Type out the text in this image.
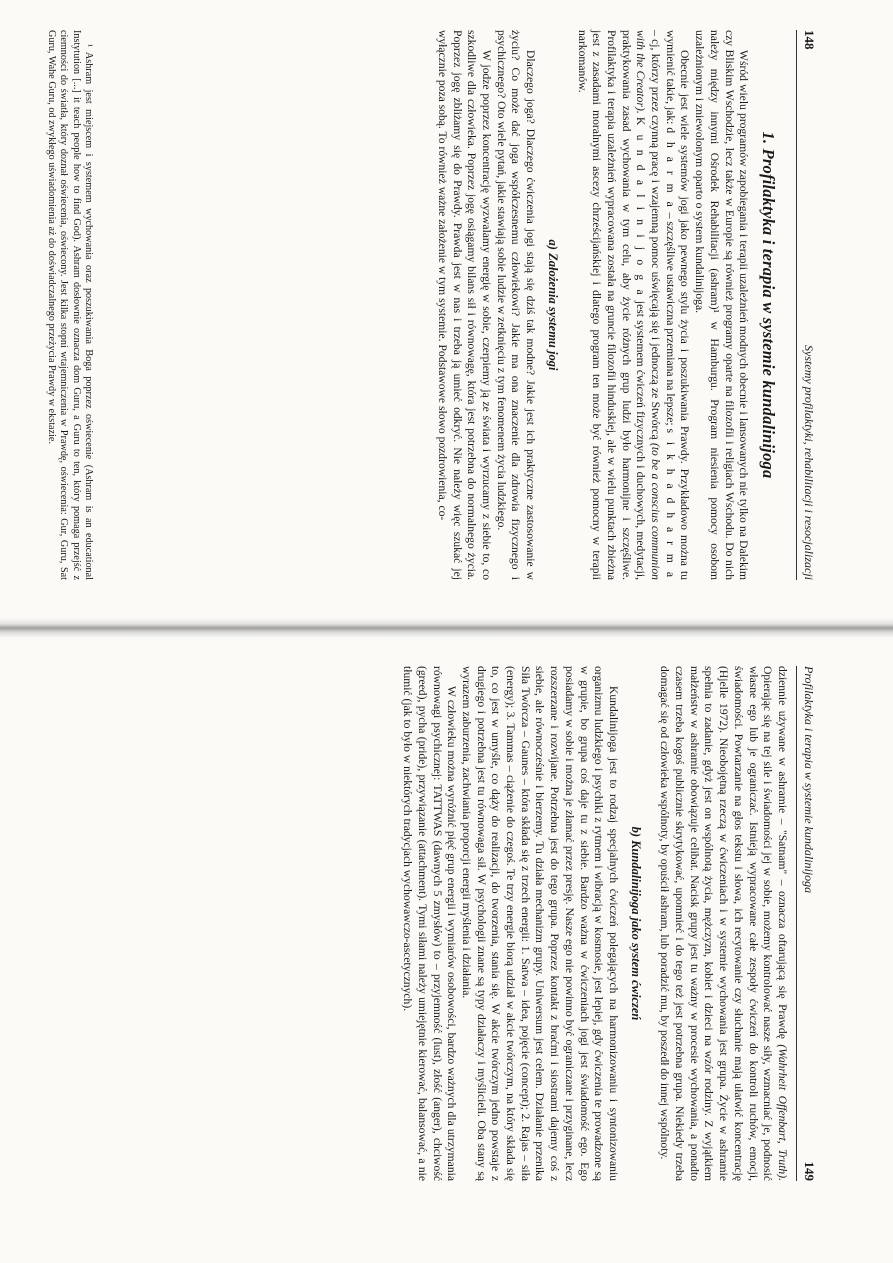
148
Systemy profilaktyki, rehabilitacji i resocjalizacji
1. Profilaktyka i terapia w systemie kundalinijoga

Wśród wielu programów zapobiegania i terapii uzależnień modnych obecnie i lansowanych nie tylko na Dalekim czy Bliskim Wschodzie, lecz także w Europie są również programy oparte na filozofii i religiach Wschodu. Do nich należy między innymi Ośrodek Rehabilitacji (ashram)¹ w Hamburgu. Program niesienia pomocy osobom uzależnionym i zniewolonym oparto o system kundalinijoga.

Obecnie jest wiele systemów jogi jako pewnego stylu życia i poszukiwania Prawdy. Przykładowo można tu wymienić takie, jak: d h a r m a – szczęśliwe ustawiczna przemiana na lepsze; s i k h a d h a r m a – cj, którzy przez czynną pracę i wzajemną pomoc uświęcają się i jednoczą ze Stwórcą (to be a conscius communion with the Creator). K u n d a l i n i j o g a jest systemem ćwiczeń fizycznych i duchowych, medytacji, praktykowania zasad wychowania w tym celu, aby życie różnych grup ludzi było harmonijne i szczęśliwe. Profilaktyka i terapia uzależnień wypracowana została na gruncie filozofii hinduskiej, ale w wielu punktach zbieżna jest z zasadami moralnymi ascezy chrześcijańskiej i dlatego program ten może być również pomocny w terapii narkomanów.

a) Założenia systemu jogi

Dlaczego joga? Dlaczego ćwiczenia jogi stają się dziś tak modne? Jakie jest ich praktyczne zastosowanie w życiu? Co może dać joga współczesnemu człowiekowi? Jakie ma ona znaczenie dla zdrowia fizycznego i psychicznego? Oto wiele pytań, jakie stawiają sobie ludzie w zetknięciu z tym fenomenem życia ludzkiego.

W jodze poprzez koncentrację wyzwalamy energię w sobie, czerpiemy ją ze świata i wyrzucamy z siebie to, co szkodliwe dla człowieka. Poprzez jogę osiągamy bilans sił i równowagę, która jest potrzebna do normalnego życia. Poprzez jogę zbliżamy się do Prawdy. Prawda jest w nas i trzeba ją umieć odkryć. Nie należy więc szukać jej wyłącznie poza sobą. To również ważne założenie w tym systemie. Podstawowe słowo pozdrowienia, co-

¹ Ashram jest miejscem i systemem wychowania oraz poszukiwania Boga poprzez oświecenie (Ashram is an educational Instytution [...] it teach people how to find God). Ashram dosłownie oznacza dom Guru, a Guru to ten, który pomaga przejść z ciemności do światła, który doznał oświecenia, oświecony. Jest kilka stopni wtajemniczenia w Prawdę, oświecenia: Gur, Guru, Sat Guru, Wahe Guru, od zwykłego uświadomienia aż do doświadczalnego przeżycia Prawdy w ekstazie.

Profilaktyka i terapia w systemie kundalinijoga
149

dziennie używane w ashramie – "Satnam" – oznacza oftarującą się Prawdę (Wahrheit Offenbart, Truth). Opierając się na tej sile i świadomości jej w sobie, możemy kontrolować nasze siły, wzmacniać je, podnosić własne ego lub je ograniczać. Istnieją wypracowane całe zespoły ćwiczeń do kontroli ruchów, emocji, świadomości. Powtarzanie na głos tekstu i słowa, ich recytowanie czy słuchanie mają ułatwić koncentrację (Hjelle 1972). Nieobojętną rzeczą w ćwiczeniach i w systemie wychowania jest grupa. Życie w ashramie spełnia to zadanie, gdyż jest on wspólnotą życia, mężczyzn, kobiet i dzieci na wzór rodziny. Z wyjątkiem małżeństw w ashramie obowiązuje celibat. Nacisk grupy jest tu ważny w procesie wychowania, a ponadto czasem trzeba kogoś publicznie skrytykować, upomnieć i do tego też jest potrzebna grupa. Niekiedy trzeba domagać się od człowieka wspólnoty, by opuścił ashram, lub poradzić mu, by poszedł do innej wspólnoty.

b) Kundalinijoga jako system ćwiczeń

Kundalinijoga jest to rodzaj specjalnych ćwiczeń polegających na harmonizowaniu i syntonizowaniu organizmu ludzkiego i psychiki z rytmem i wibracją w kosmosie, jest lepiej, gdy ćwiczenia te prowadzone są w grupie, bo grupa coś daje tu z siebie. Bardzo ważna w ćwiczeniach jogi jest świadomość ego. Ego posiadamy w sobie i można je złamać przez presję. Nasze ego nie powinno być ograniczane i przyginane, lecz rozszerzane i rozwijane. Potrzebna jest do tego grupa. Poprzez kontakt z braćmi i siostrami dajemy coś z siebie, ale równocześnie i bierzemy. Tu działa mechanizm grupy. Uniwersum jest celem. Działanie przenika Siła Twórcza – Gaunes – która składa się z trzech energii: 1. Satwa – idea, pojęcie (concept); 2. Rajas – siła (energy); 3. Tammas – ciążenie do czegoś. Te trzy energie biorą udział w akcie twórczym, na który składa się to, co jest w umyśle, co dąży do realizacji, do tworzenia, stania się. W akcie twórczym jedno powstaje z drugiego i potrzebna jest tu równowaga sił. W psychologii znane są typy działaczy i myślicieli. Oba stany są wyrazem zaburzenia, zachwiania proporcji energii myślenia i działania.

W człowieku można wyróżnić pięć grup energii i wymiarów osobowości, bardzo ważnych dla utrzymania równowagi psychicznej: TATTWAS (dawnych 5 zmysłów) to – przyjemność (lust), złość (anger), chciwość (greed), pycha (pride), przywiązanie (attachment). Tymi siłami należy umiejętnie kierować, balansować, a nie tłumić (jak to było w niektórych tradycjach wychowawczo-ascetycznych).
